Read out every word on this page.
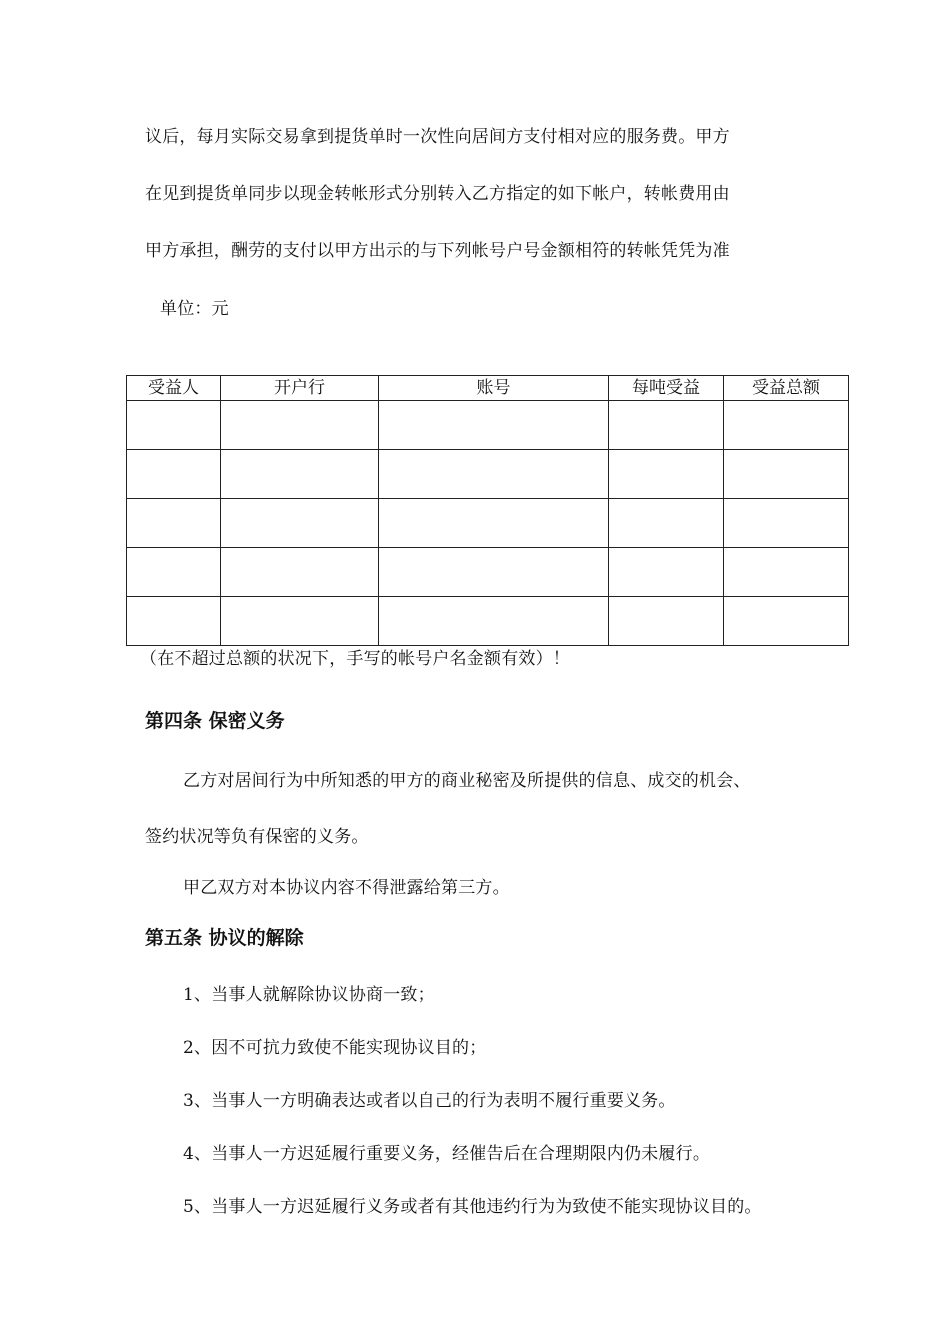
议后，每月实际交易拿到提货单时一次性向居间方支付相对应的服务费。甲方
在见到提货单同步以现金转帐形式分别转入乙方指定的如下帐户，转帐费用由
甲方承担，酬劳的支付以甲方出示的与下列帐号户号金额相符的转帐凭凭为准
单位：元
受益人	开户行	账号	每吨受益	受益总额

（在不超过总额的状况下，手写的帐号户名金额有效）！
第四条 保密义务
乙方对居间行为中所知悉的甲方的商业秘密及所提供的信息、成交的机会、
签约状况等负有保密的义务。
甲乙双方对本协议内容不得泄露给第三方。
第五条 协议的解除
1、当事人就解除协议协商一致；
2、因不可抗力致使不能实现协议目的；
3、当事人一方明确表达或者以自己的行为表明不履行重要义务。
4、当事人一方迟延履行重要义务，经催告后在合理期限内仍未履行。
5、当事人一方迟延履行义务或者有其他违约行为为致使不能实现协议目的。
